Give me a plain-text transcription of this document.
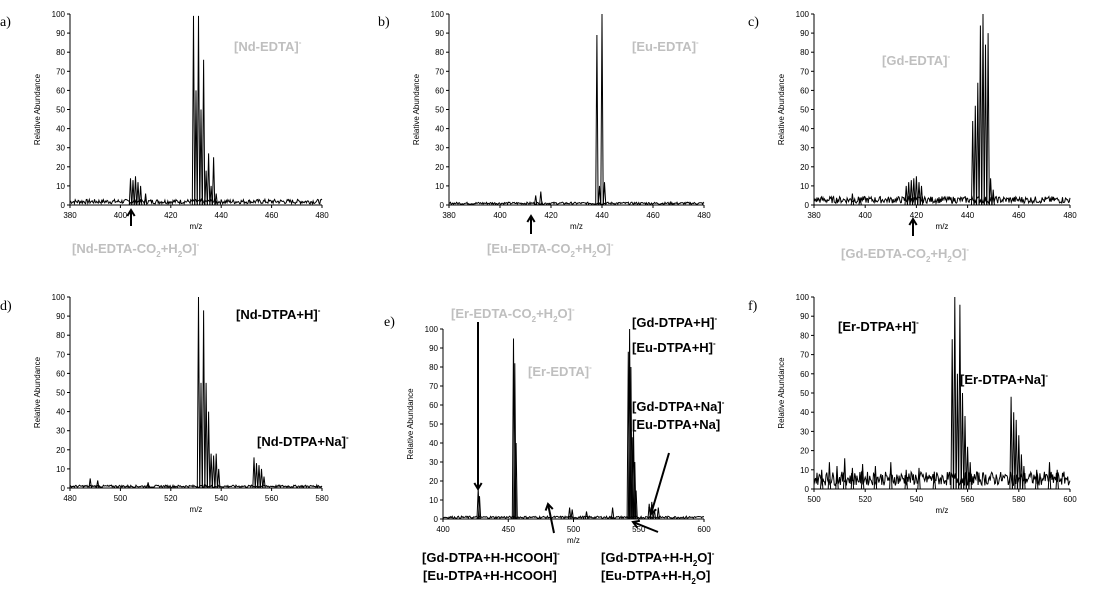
a)
0
10
20
30
40
50
60
70
80
90
100
380	400	420	440	460	480
m/z
Relative Abundance
[Nd-EDTA]-
$[Nd-EDTA-CO_2+H_2O]^-$
b)
0
10
20
30
40
50
60
70
80
90
100
380	400	420	440	460	480
m/z
Relative Abundance
[Eu-EDTA]-
$[Eu-EDTA-CO_2+H_2O]^-$
c)
0
10
20
30
40
50
60
70
80
90
100
380	400	420	440	460	480
m/z
Relative Abundance
[Gd-EDTA]-
$[Gd-EDTA-CO_2+H_2O]^-$
d)
0
10
20
30
40
50
60
70
80
90
100
480	500	520	540	560	580
m/z
Relative Abundance
[Nd-DTPA+H]-
[Nd-DTPA+Na]-
e)
0
10
20
30
40
50
60
70
80
90
100
400	450	500	550	600
m/z
Relative Abundance
$[Er-EDTA-CO_2+H_2O]^-$
[Er-EDTA]-
[Gd-DTPA+H]-
[Eu-DTPA+H]-
[Gd-DTPA+Na]-
[Eu-DTPA+Na]
[Gd-DTPA+H-HCOOH]-
[Eu-DTPA+H-HCOOH]
$[Gd-DTPA+H-H_2O]^-$
$[Eu-DTPA+H-H_2O]$
f)
0
10
20
30
40
50
60
70
80
90
100
500	520	540	560	580	600
m/z
Relative Abundance
[Er-DTPA+H]-
[Er-DTPA+Na]-
